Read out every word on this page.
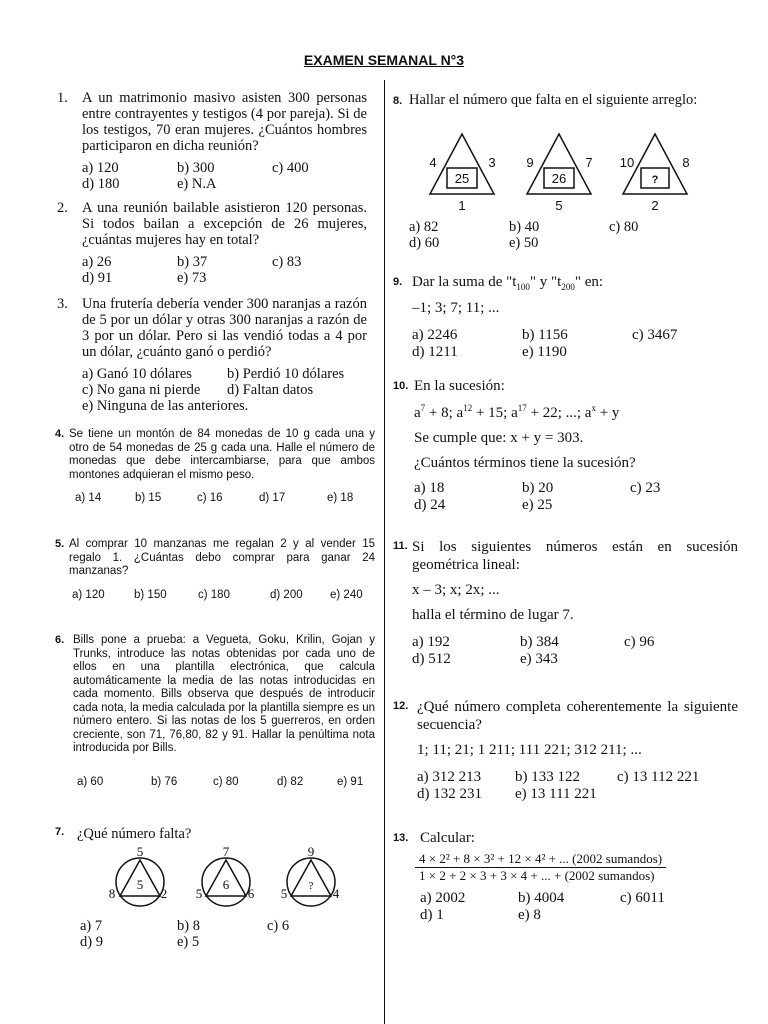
EXAMEN SEMANAL N°3
1. A un matrimonio masivo asisten 300 personas entre contrayentes y testigos (4 por pareja). Si de los testigos, 70 eran mujeres. ¿Cuántos hombres participaron en dicha reunión?
a) 120	b) 300	c) 400
d) 180	e) N.A
2. A una reunión bailable asistieron 120 personas. Si todos bailan a excepción de 26 mujeres, ¿cuántas mujeres hay en total?
a) 26	b) 37	c) 83
d) 91	e) 73
3. Una frutería debería vender 300 naranjas a razón de 5 por un dólar y otras 300 naranjas a razón de 3 por un dólar. Pero si las vendió todas a 4 por un dólar, ¿cuánto ganó o perdió?
a) Ganó 10 dólares	b) Perdió 10 dólares
c) No gana ni pierde	d) Faltan datos
e) Ninguna de las anteriores.
4. Se tiene un montón de 84 monedas de 10 g cada una y otro de 54 monedas de 25 g cada una. Halle el número de monedas que debe intercambiarse, para que ambos montones adquieran el mismo peso.
a) 14	b) 15	c) 16	d) 17	e) 18
5. Al comprar 10 manzanas me regalan 2 y al vender 15 regalo 1. ¿Cuántas debo comprar para ganar 24 manzanas?
a) 120	b) 150	c) 180	d) 200	e) 240
6. Bills pone a prueba: a Vegueta, Goku, Krilin, Gojan y Trunks, introduce las notas obtenidas por cada uno de ellos en una plantilla electrónica, que calcula automáticamente la media de las notas introducidas en cada momento. Bills observa que después de introducir cada nota, la media calculada por la plantilla siempre es un número entero. Si las notas de los 5 guerreros, en orden creciente, son 71, 76,80, 82 y 91. Hallar la penúltima nota introducida por Bills.
a) 60	b) 76	c) 80	d) 82	e) 91
7. ¿Qué número falta?
5
8	2
5
7
5	6
6
9
5	4
?
a) 7	b) 8	c) 6
d) 9	e) 5
8. Hallar el número que falta en el siguiente arreglo:
4	3
1
25
9	7
5
26
10	8
2
?
a) 82	b) 40	c) 80
d) 60	e) 50
9. Dar la suma de "$t_{100}$" y "$t_{200}$" en:
–1; 3; 7; 11; ...
a) 2246	b) 1156	c) 3467
d) 1211	e) 1190
10. En la sucesión:
$a^7 + 8$; $a^{12} + 15$; $a^{17} + 22$; ...; $a^x + y$
Se cumple que: x + y = 303.
¿Cuántos términos tiene la sucesión?
a) 18	b) 20	c) 23
d) 24	e) 25
11. Si los siguientes números están en sucesión geométrica lineal:
x – 3; x; 2x; ...
halla el término de lugar 7.
a) 192	b) 384	c) 96
d) 512	e) 343
12. ¿Qué número completa coherentemente la siguiente secuencia?
1; 11; 21; 1 211; 111 221; 312 211; ...
a) 312 213	b) 133 122	c) 13 112 221
d) 132 231	e) 13 111 221
13. Calcular:
4 × 2² + 8 × 3² + 12 × 4² + ... (2002 sumandos)
1 × 2 + 2 × 3 + 3 × 4 + ... + (2002 sumandos)
a) 2002	b) 4004	c) 6011
d) 1	e) 8
